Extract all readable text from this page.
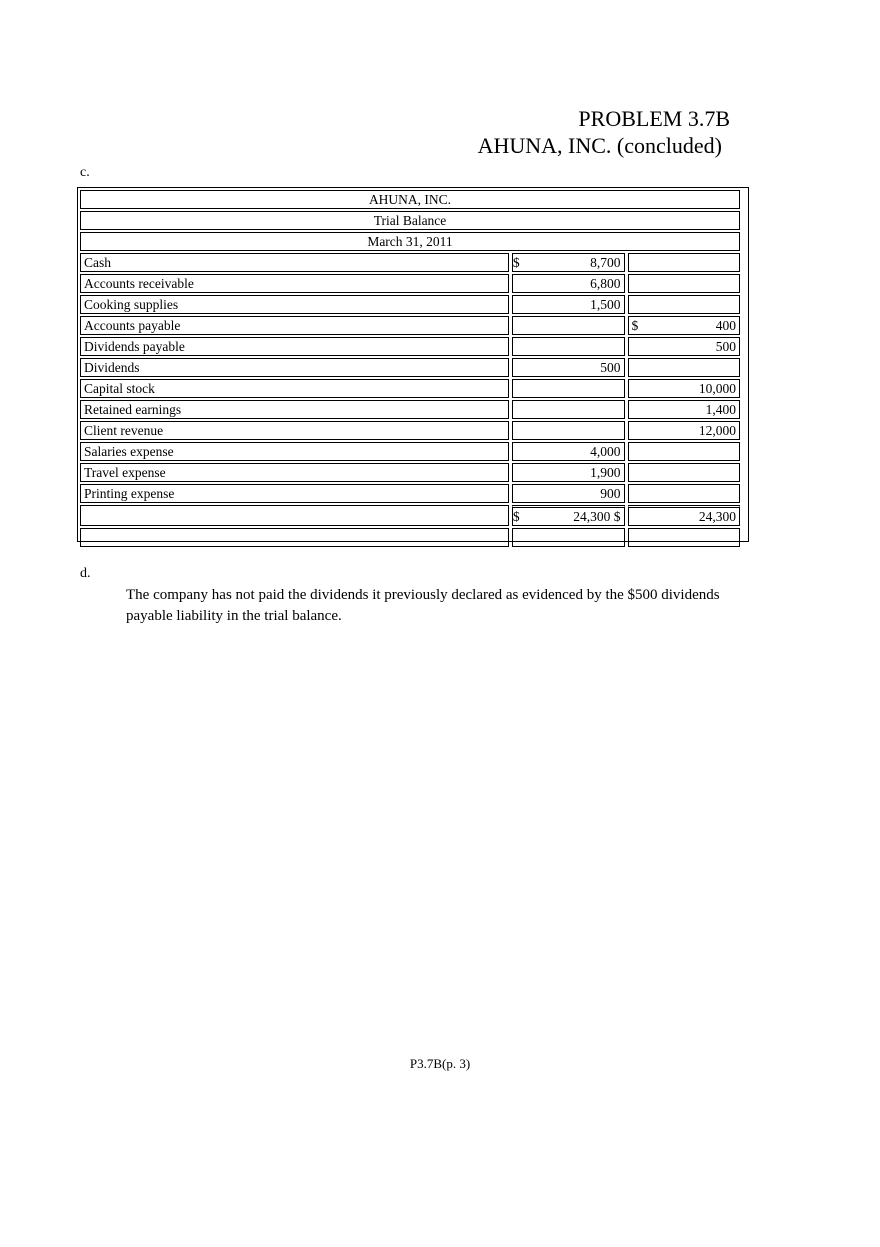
PROBLEM 3.7B
AHUNA, INC. (concluded)
c.
AHUNA, INC.		
Trial Balance		
March 31, 2011		
Cash	$ 8,700	

Accounts receivable	6,800	

Cooking supplies	1,500	

Accounts payable		$ 400
Dividends payable		500
Dividends	500	

Capital stock		10,000
Retained earnings		1,400
Client revenue		12,000
Salaries expense	4,000	

Travel expense	1,900	

Printing expense	900	

	$ 24,300 $	24,300

d.
The company has not paid the dividends it previously declared as evidenced by the $500 dividends payable liability in the trial balance.
P3.7B(p. 3)
